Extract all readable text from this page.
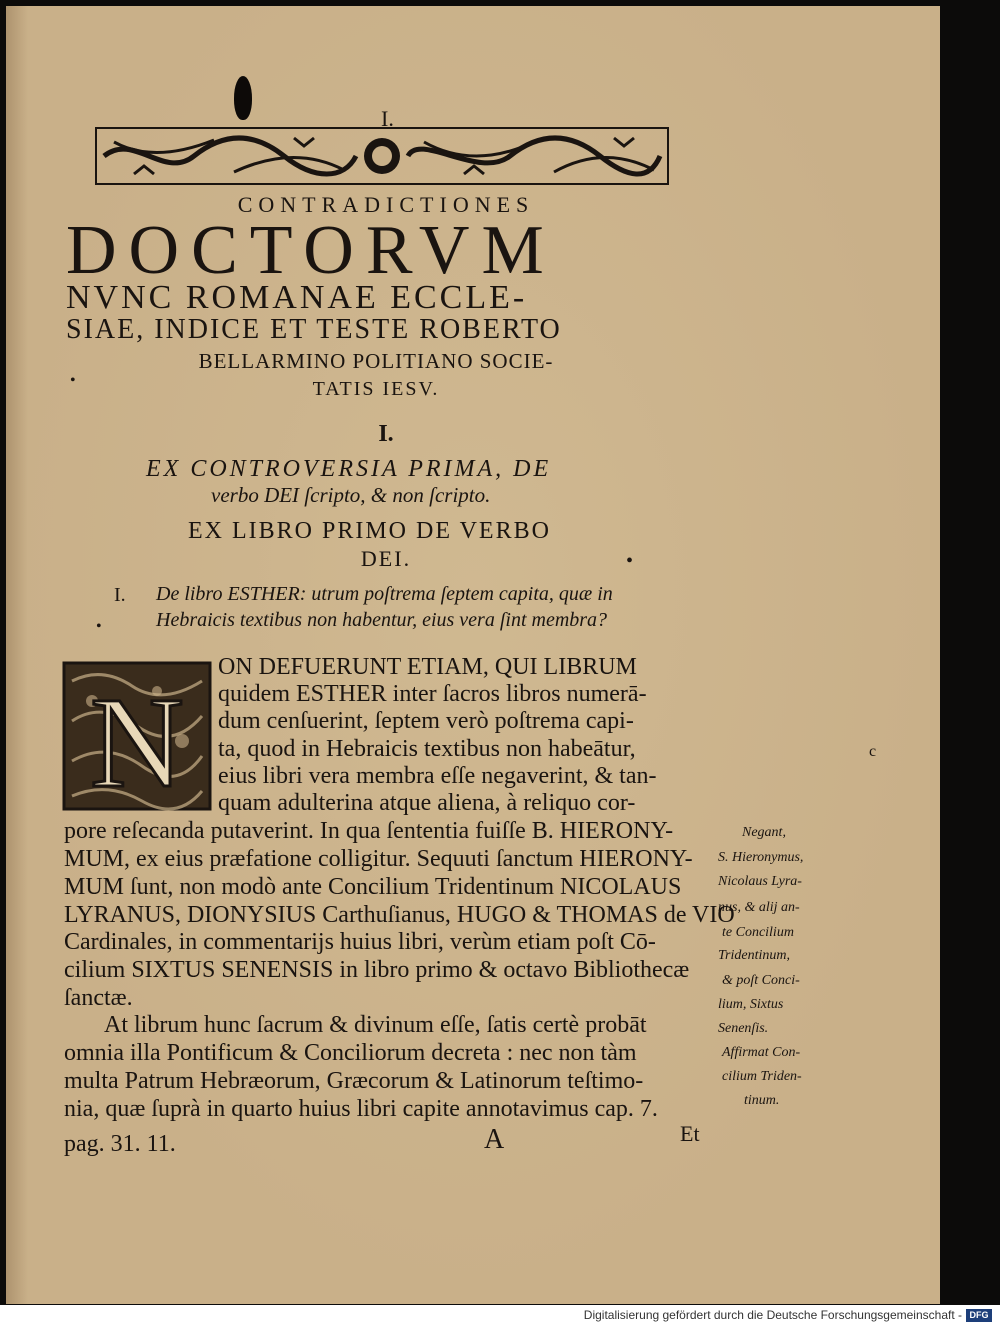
I.
CONTRADICTIONES
DOCTORVM
NVNC ROMANAE ECCLE-
SIAE, INDICE ET TESTE ROBERTO
BELLARMINO POLITIANO SOCIE-
TATIS IESV.
•
I.
EX CONTROVERSIA PRIMA, DE
verbo DEI ſcripto, & non ſcripto.
EX LIBRO PRIMO DE VERBO
DEI.	•
I. De libro ESTHER: utrum poſtrema ſeptem capita, quæ in
Hebraicis textibus non habentur, eius vera ſint membra?
•
N
ON DEFUERUNT ETIAM, QUI LIBRUM
quidem ESTHER inter ſacros libros numerā-
dum cenſuerint, ſeptem verò poſtrema capi-
ta, quod in Hebraicis textibus non habeātur,
eius libri vera membra eſſe negaverint, & tan-
quam adulterina atque aliena, à reliquo cor-
pore reſecanda putaverint. In qua ſententia fuiſſe B. HIERONY-
MUM, ex eius præfatione colligitur. Sequuti ſanctum HIERONY-
MUM ſunt, non modò ante Concilium Tridentinum NICOLAUS
LYRANUS, DIONYSIUS Carthuſianus, HUGO & THOMAS de VIO
Cardinales, in commentarijs huius libri, verùm etiam poſt Cō-
cilium SIXTUS SENENSIS in libro primo & octavo Bibliothecæ
ſanctæ.
At librum hunc ſacrum & divinum eſſe, ſatis certè probāt
omnia illa Pontificum & Conciliorum decreta : nec non tàm
multa Patrum Hebræorum, Græcorum & Latinorum teſtimo-
nia, quæ ſuprà in quarto huius libri capite annotavimus cap. 7.
pag. 31. 11.
Negant,
S. Hieronymus,
Nicolaus Lyra-
nus, & alij an-
te Concilium
Tridentinum,
& poſt Conci-
lium, Sixtus
Senenſis.
Affirmat Con-
cilium Triden-
tinum.
c
A	Et
Digitalisierung gefördert durch die Deutsche Forschungsgemeinschaft - DFG
